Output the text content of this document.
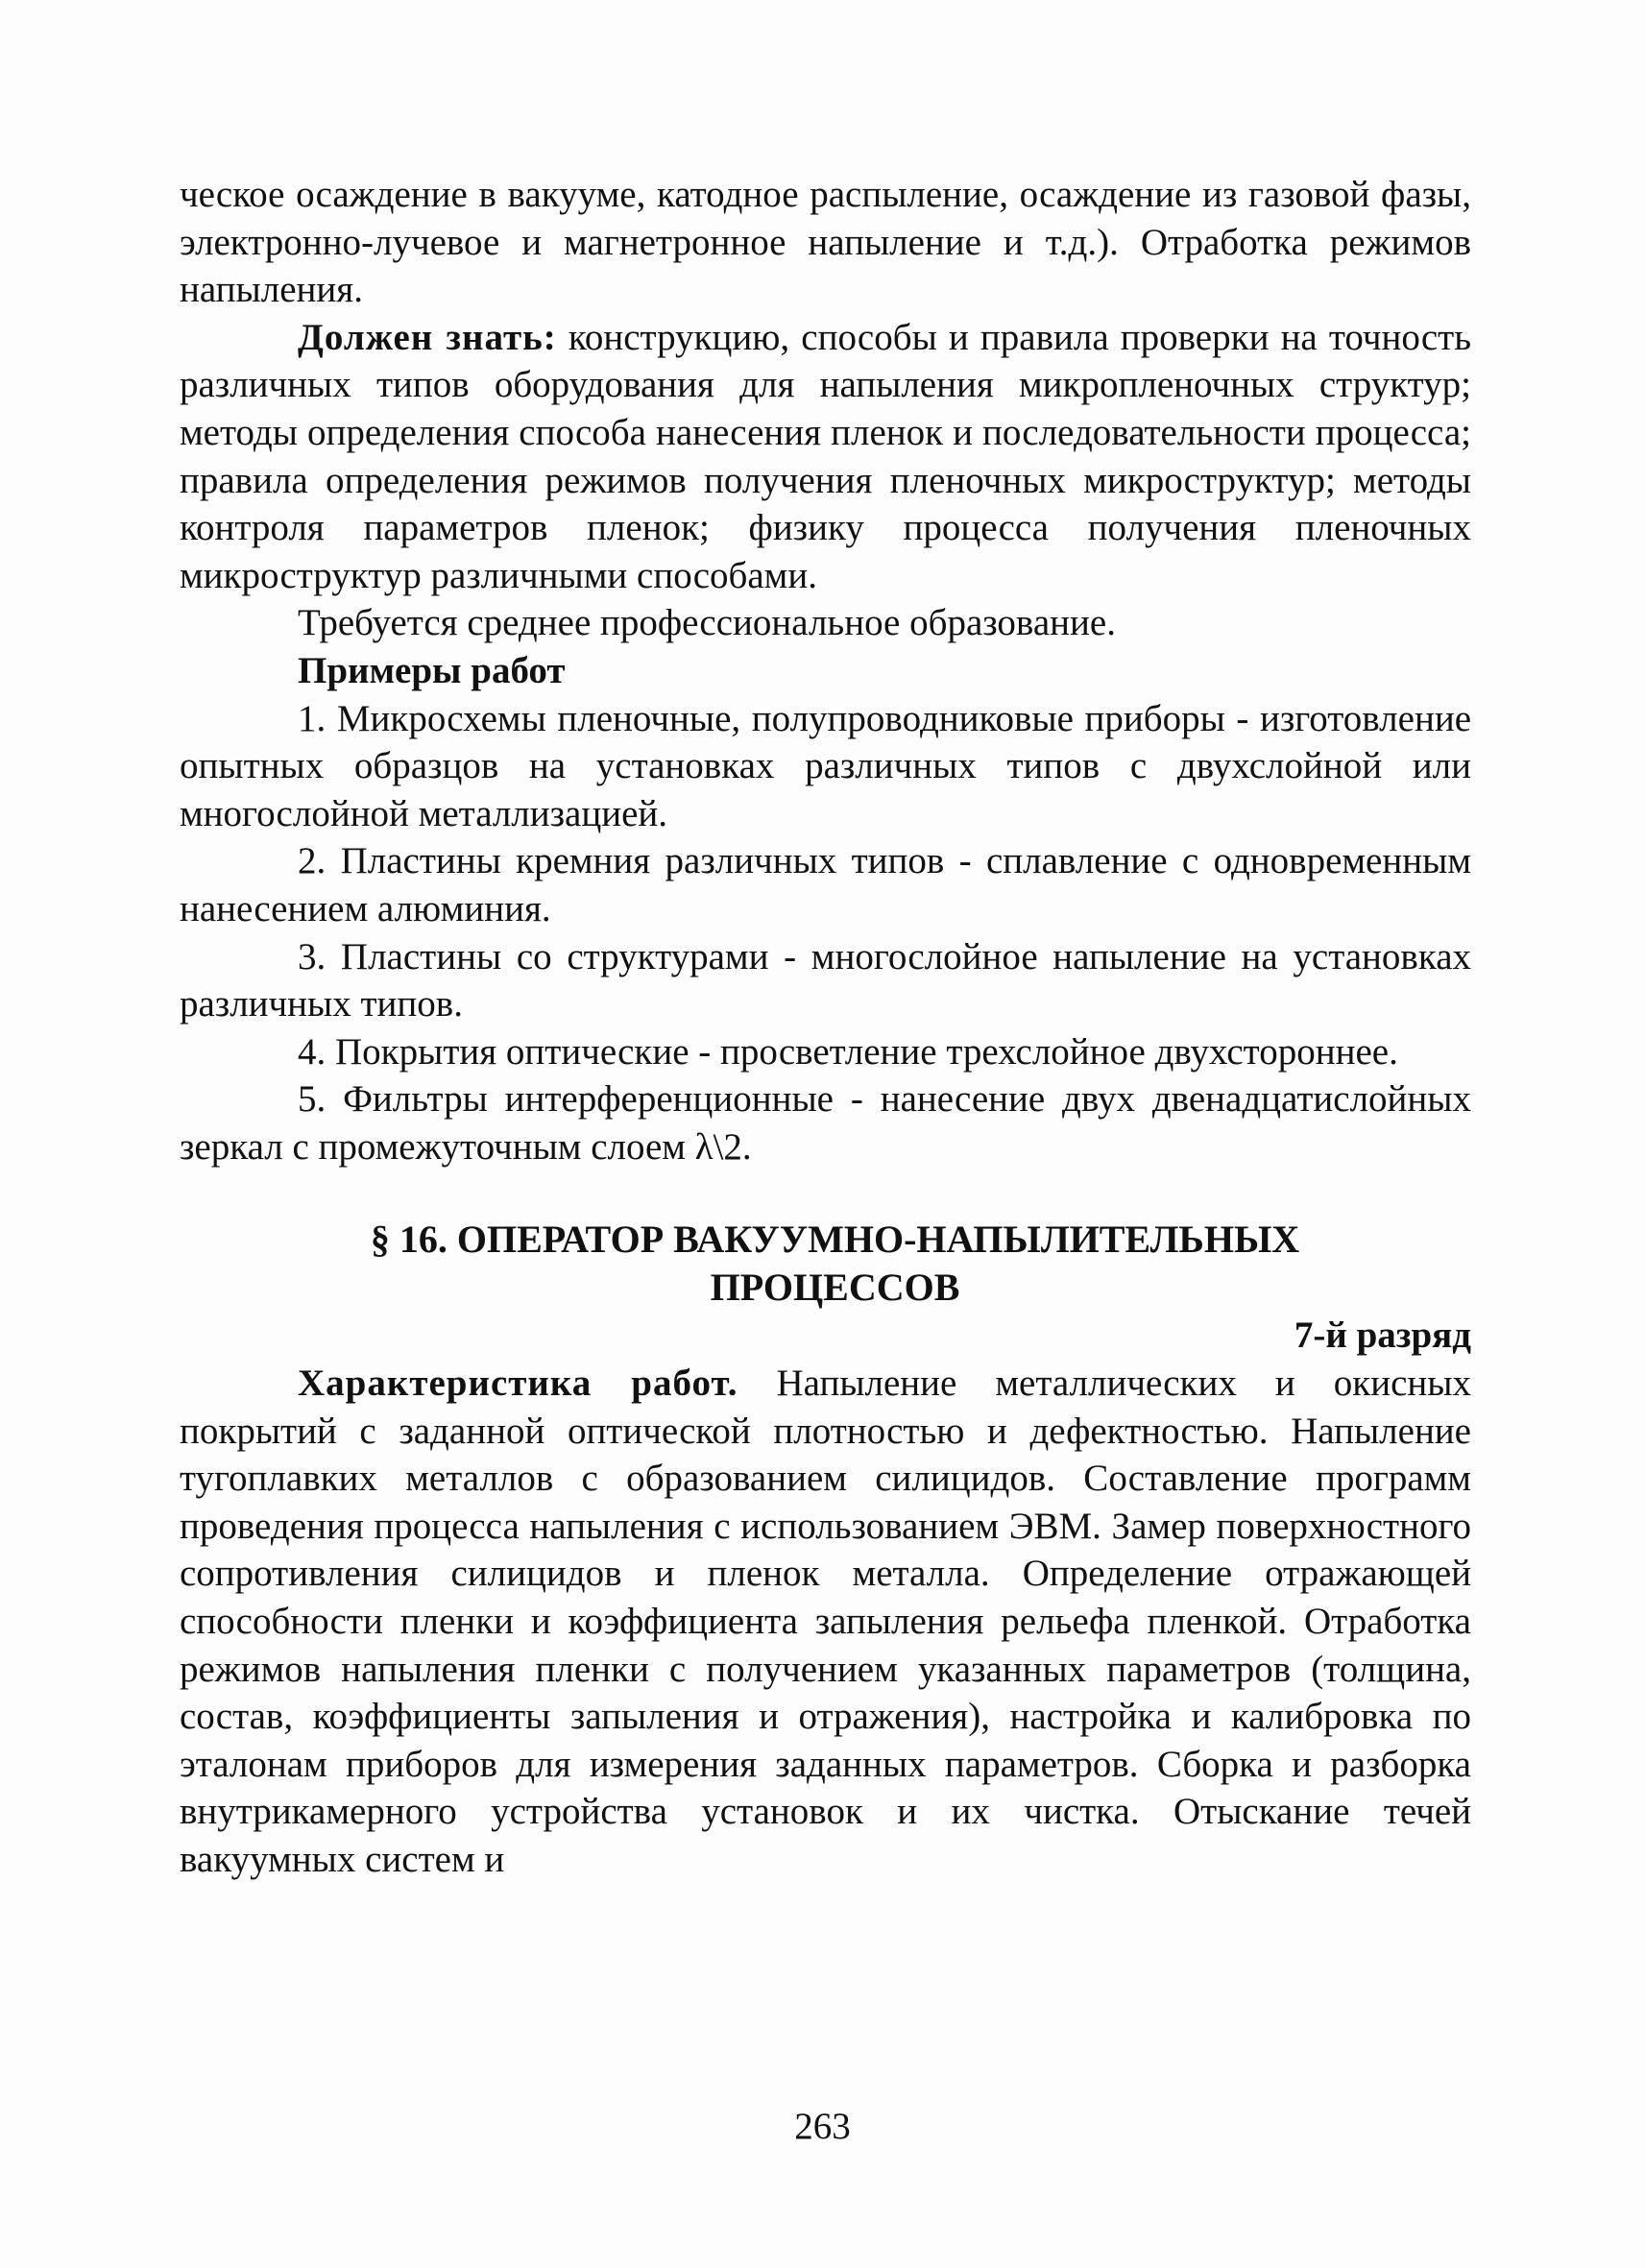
ческое осаждение в вакууме, катодное распыление, осаждение из газовой фазы, электронно-лучевое и магнетронное напыление и т.д.). Отработка режимов напыления.

Должен знать: конструкцию, способы и правила проверки на точность различных типов оборудования для напыления микропленочных структур; методы определения способа нанесения пленок и последовательности процесса; правила определения режимов получения пленочных микроструктур; методы контроля параметров пленок; физику процесса получения пленочных микроструктур различными способами.

Требуется среднее профессиональное образование.

Примеры работ

1. Микросхемы пленочные, полупроводниковые приборы - изготовление опытных образцов на установках различных типов с двухслойной или многослойной металлизацией.

2. Пластины кремния различных типов - сплавление с одновременным нанесением алюминия.

3. Пластины со структурами - многослойное напыление на установках различных типов.

4. Покрытия оптические - просветление трехслойное двухстороннее.

5. Фильтры интерференционные - нанесение двух двенадцатислойных зеркал с промежуточным слоем λ\2.

§ 16. ОПЕРАТОР ВАКУУМНО-НАПЫЛИТЕЛЬНЫХ

ПРОЦЕССОВ

7-й разряд

Характеристика работ. Напыление металлических и окисных покрытий с заданной оптической плотностью и дефектностью. Напыление тугоплавких металлов с образованием силицидов. Составление программ проведения процесса напыления с использованием ЭВМ. Замер поверхностного сопротивления силицидов и пленок металла. Определение отражающей способности пленки и коэффициента запыления рельефа пленкой. Отработка режимов напыления пленки с получением указанных параметров (толщина, состав, коэффициенты запыления и отражения), настройка и калибровка по эталонам приборов для измерения заданных параметров. Сборка и разборка внутрикамерного устройства установок и их чистка. Отыскание течей вакуумных систем и

263
